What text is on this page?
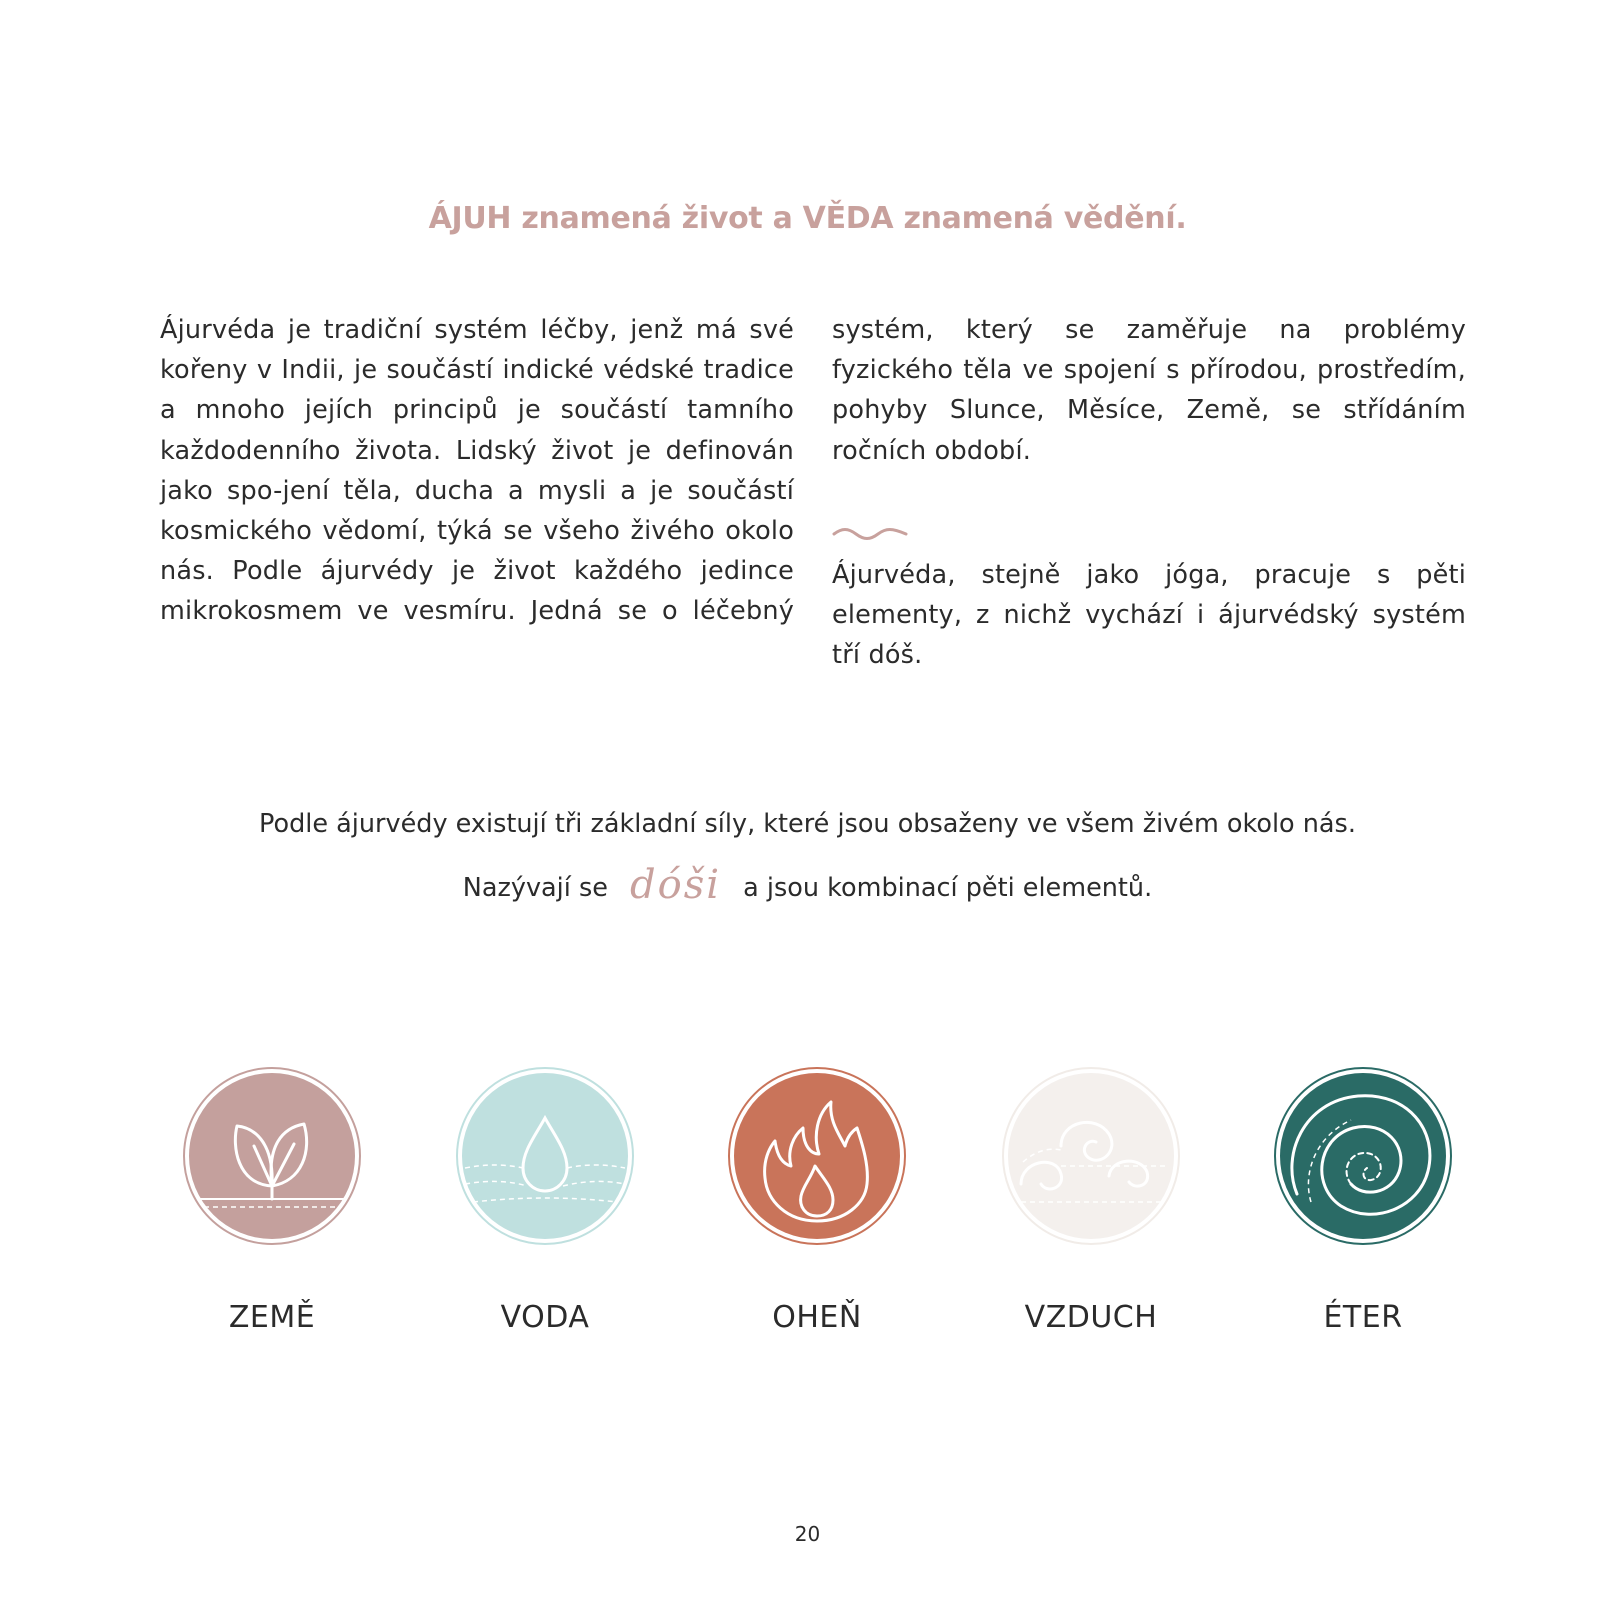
ÁJUH znamená život a VĚDA znamená vědění.

Ájurvéda je tradiční systém léčby, jenž má své kořeny v Indii, je součástí indické védské tradice a mnoho jejích principů je součástí tamního každodenního života. Lidský život je definován jako spo-jení těla, ducha a mysli a je součástí kosmického vědomí, týká se všeho živého okolo nás. Podle ájurvédy je život každého jedince mikrokosmem ve vesmíru. Jedná se o léčebný

systém, který se zaměřuje na problémy fyzického těla ve spojení s přírodou, prostředím, pohyby Slunce, Měsíce, Země, se střídáním ročních období.

Ájurvéda, stejně jako jóga, pracuje s pěti elementy, z nichž vychází i ájurvédský systém tří dóš.

Podle ájurvédy existují tři základní síly, které jsou obsaženy ve všem živém okolo nás.
Nazývají se dóši a jsou kombinací pěti elementů.
ZEMĚ	VODA	OHEŇ	VZDUCH	ÉTER
20
